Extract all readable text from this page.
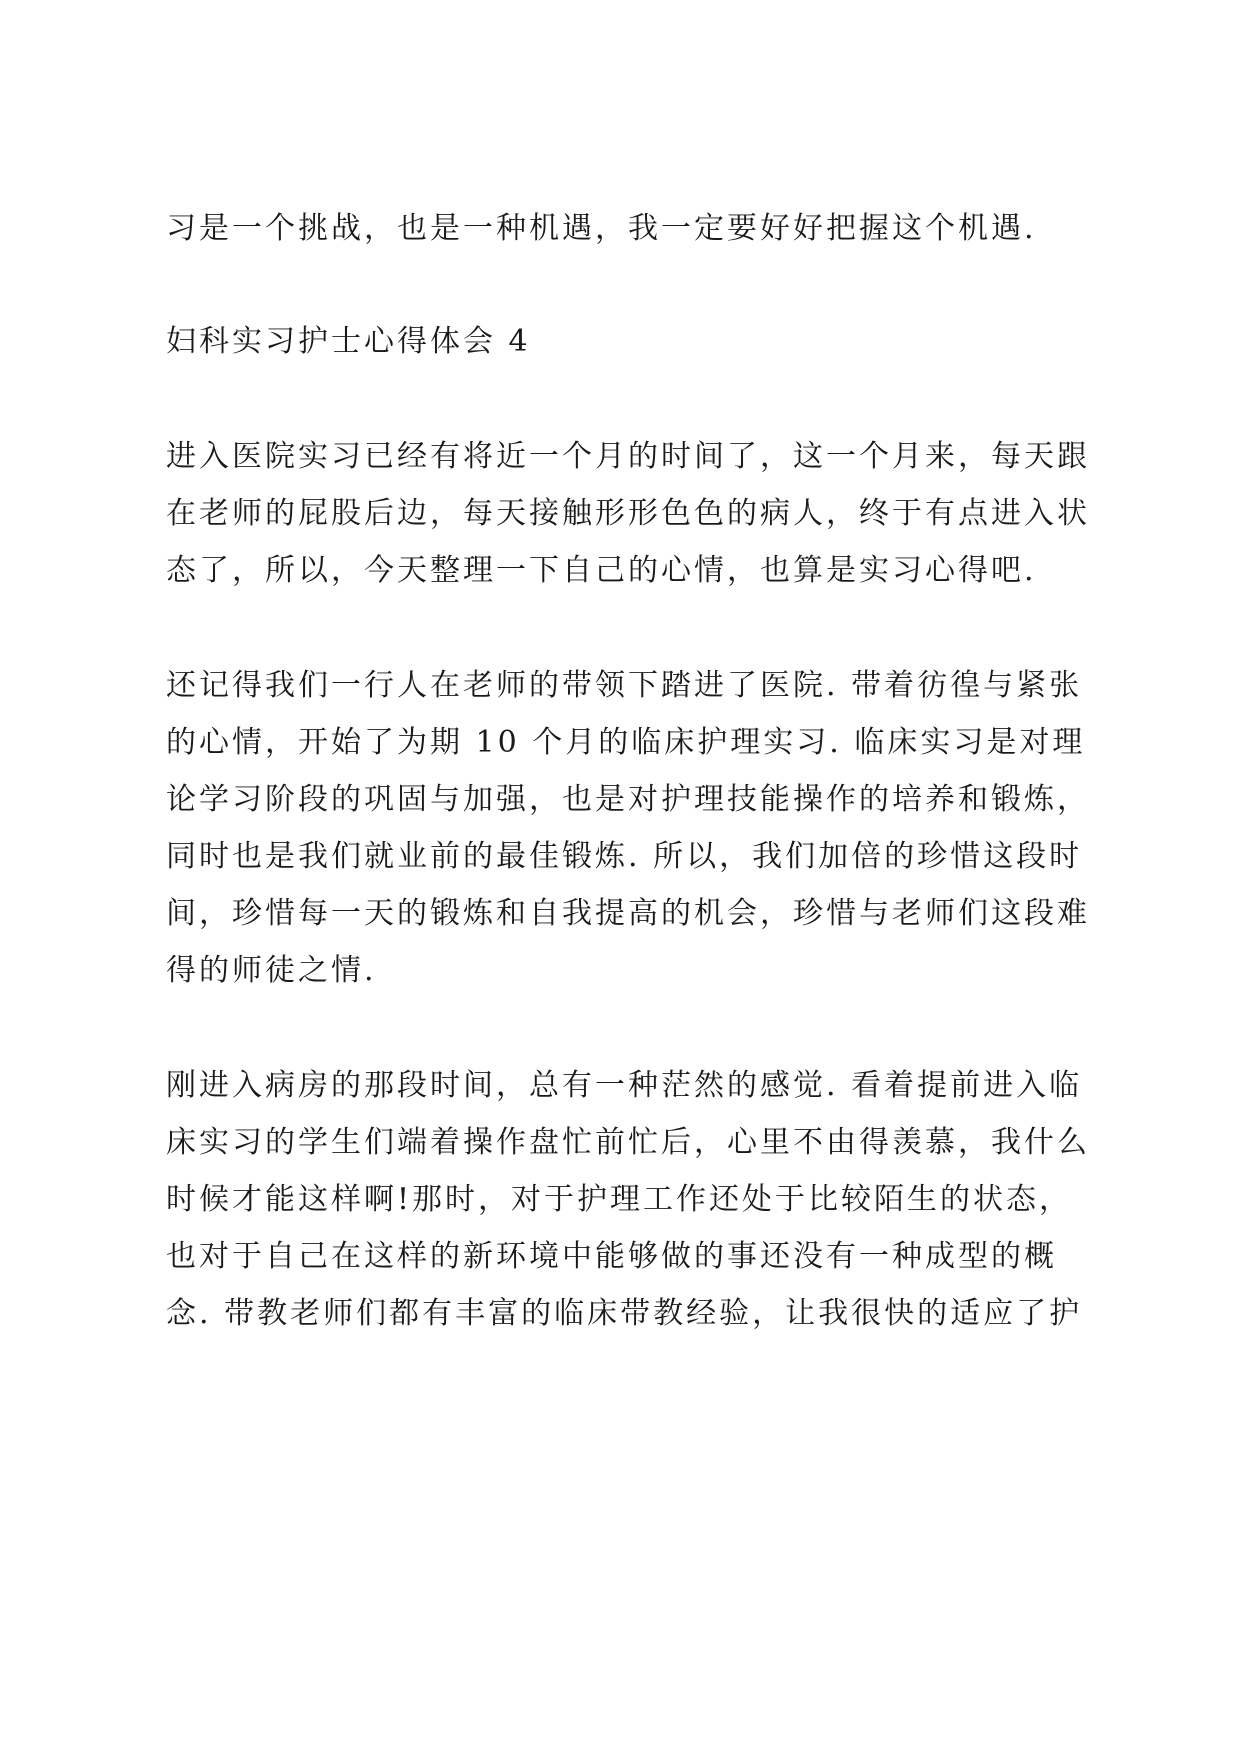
习是一个挑战，也是一种机遇，我一定要好好把握这个机遇.

妇科实习护士心得体会 4

进入医院实习已经有将近一个月的时间了，这一个月来，每天跟

在老师的屁股后边，每天接触形形色色的病人，终于有点进入状

态了，所以，今天整理一下自己的心情，也算是实习心得吧.

还记得我们一行人在老师的带领下踏进了医院. 带着彷徨与紧张

的心情，开始了为期 10 个月的临床护理实习. 临床实习是对理

论学习阶段的巩固与加强，也是对护理技能操作的培养和锻炼，

同时也是我们就业前的最佳锻炼. 所以，我们加倍的珍惜这段时

间，珍惜每一天的锻炼和自我提高的机会，珍惜与老师们这段难

得的师徒之情.

刚进入病房的那段时间，总有一种茫然的感觉. 看着提前进入临

床实习的学生们端着操作盘忙前忙后，心里不由得羡慕，我什么

时候才能这样啊!那时，对于护理工作还处于比较陌生的状态，

也对于自己在这样的新环境中能够做的事还没有一种成型的概

念. 带教老师们都有丰富的临床带教经验，让我很快的适应了护
